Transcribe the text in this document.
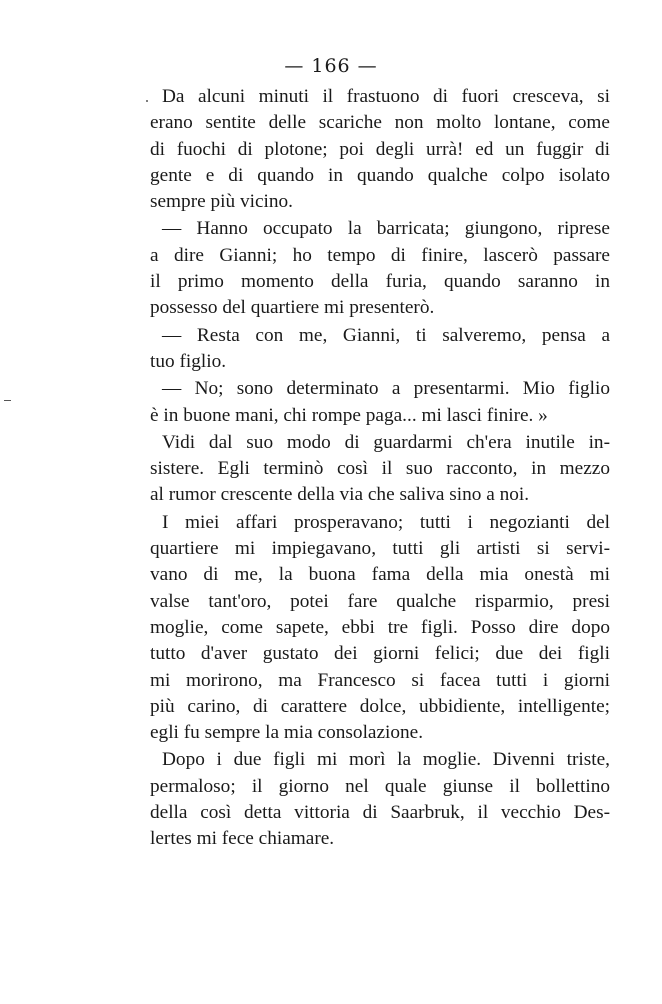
— 166 —
Da alcuni minuti il frastuono di fuori cresceva, si
erano sentite delle scariche non molto lontane, come
di fuochi di plotone; poi degli urrà! ed un fuggir di
gente e di quando in quando qualche colpo isolato
sempre più vicino.
— Hanno occupato la barricata; giungono, riprese
a dire Gianni; ho tempo di finire, lascerò passare
il primo momento della furia, quando saranno in
possesso del quartiere mi presenterò.
— Resta con me, Gianni, ti salveremo, pensa a
tuo figlio.
— No; sono determinato a presentarmi. Mio figlio
è in buone mani, chi rompe paga... mi lasci finire. »
Vidi dal suo modo di guardarmi ch'era inutile in-
sistere. Egli terminò così il suo racconto, in mezzo
al rumor crescente della via che saliva sino a noi.
I miei affari prosperavano; tutti i negozianti del
quartiere mi impiegavano, tutti gli artisti si servi-
vano di me, la buona fama della mia onestà mi
valse tant'oro, potei fare qualche risparmio, presi
moglie, come sapete, ebbi tre figli. Posso dire dopo
tutto d'aver gustato dei giorni felici; due dei figli
mi morirono, ma Francesco si facea tutti i giorni
più carino, di carattere dolce, ubbidiente, intelligente;
egli fu sempre la mia consolazione.
Dopo i due figli mi morì la moglie. Divenni triste,
permaloso; il giorno nel quale giunse il bollettino
della così detta vittoria di Saarbruk, il vecchio Des-
lertes mi fece chiamare.
